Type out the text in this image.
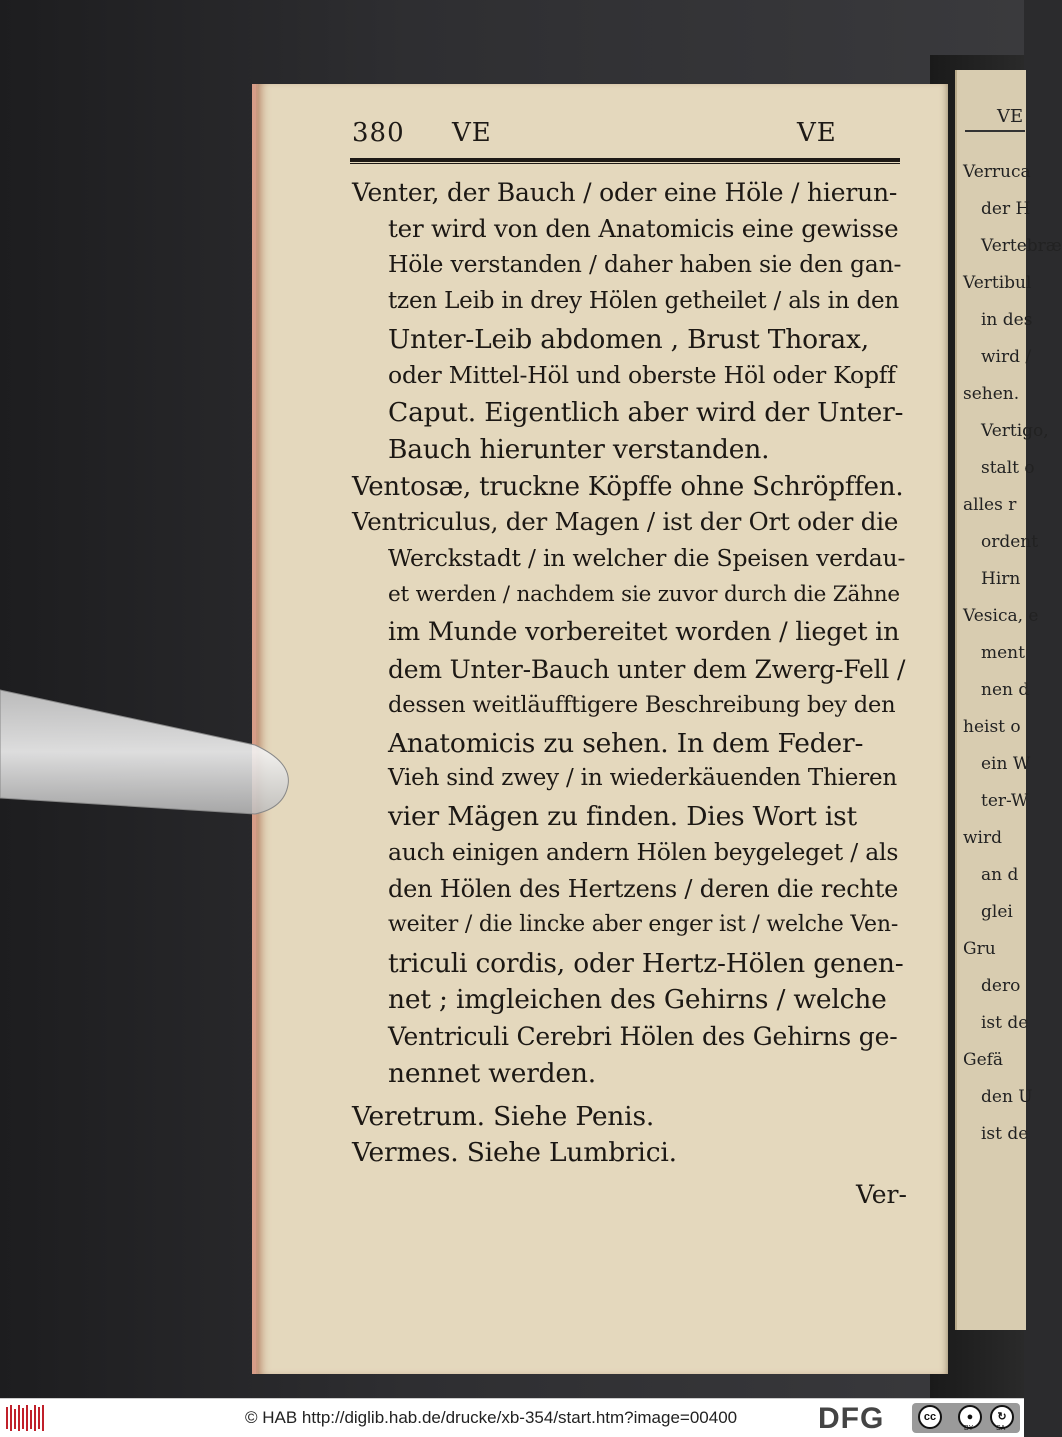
VE
Verruca
der H
Vertebræ
Vertibul
in des
wird /
sehen.
Vertigo,
stalt o
alles r
ordent
Hirn
Vesica, e
ment
nen d
heist o
ein W
ter-W
wird
an d
glei
Gru
dero
ist de
Gefä
den U
ist de
380 VE	VE
Venter, der Bauch / oder eine Höle / hierun-
ter wird von den Anatomicis eine gewisse
Höle verstanden / daher haben sie den gan-
tzen Leib in drey Hölen getheilet / als in den
Unter-Leib abdomen , Brust Thorax,
oder Mittel-Höl und oberste Höl oder Kopff
Caput. Eigentlich aber wird der Unter-
Bauch hierunter verstanden.
Ventosæ, truckne Köpffe ohne Schröpffen.
Ventriculus, der Magen / ist der Ort oder die
Werckstadt / in welcher die Speisen verdau-
et werden / nachdem sie zuvor durch die Zähne
im Munde vorbereitet worden / lieget in
dem Unter-Bauch unter dem Zwerg-Fell /
dessen weitläufftigere Beschreibung bey den
Anatomicis zu sehen. In dem Feder-
Vieh sind zwey / in wiederkäuenden Thieren
vier Mägen zu finden. Dies Wort ist
auch einigen andern Hölen beygeleget / als
den Hölen des Hertzens / deren die rechte
weiter / die lincke aber enger ist / welche Ven-
triculi cordis, oder Hertz-Hölen genen-
net ; imgleichen des Gehirns / welche
Ventriculi Cerebri Hölen des Gehirns ge-
nennet werden.
Veretrum. Siehe Penis.
Vermes. Siehe Lumbrici.
Ver-
© HAB http://diglib.hab.de/drucke/xb-354/start.htm?image=00400	DFG	cc	●	↻
BY	SA
